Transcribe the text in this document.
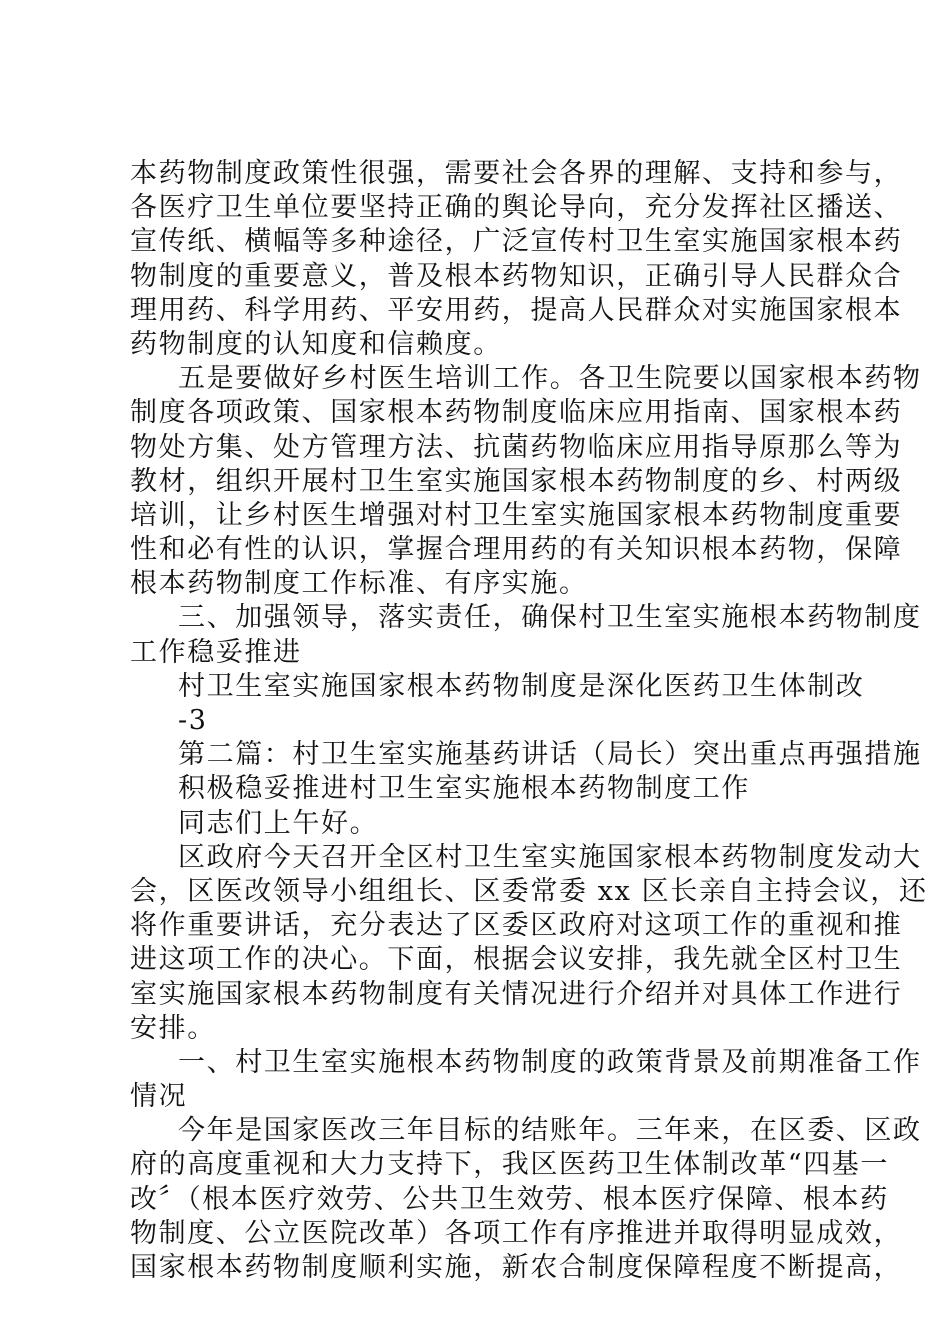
本药物制度政策性很强，需要社会各界的理解、支持和参与，
各医疗卫生单位要坚持正确的舆论导向，充分发挥社区播送、
宣传纸、横幅等多种途径，广泛宣传村卫生室实施国家根本药
物制度的重要意义，普及根本药物知识，正确引导人民群众合
理用药、科学用药、平安用药，提高人民群众对实施国家根本
药物制度的认知度和信赖度。
五是要做好乡村医生培训工作。各卫生院要以国家根本药物
制度各项政策、国家根本药物制度临床应用指南、国家根本药
物处方集、处方管理方法、抗菌药物临床应用指导原那么等为
教材，组织开展村卫生室实施国家根本药物制度的乡、村两级
培训，让乡村医生增强对村卫生室实施国家根本药物制度重要
性和必有性的认识，掌握合理用药的有关知识根本药物，保障
根本药物制度工作标准、有序实施。
三、加强领导，落实责任，确保村卫生室实施根本药物制度
工作稳妥推进
村卫生室实施国家根本药物制度是深化医药卫生体制改
-3
第二篇：村卫生室实施基药讲话（局长）突出重点再强措施
积极稳妥推进村卫生室实施根本药物制度工作
同志们上午好。
区政府今天召开全区村卫生室实施国家根本药物制度发动大
会，区医改领导小组组长、区委常委 xx 区长亲自主持会议，还
将作重要讲话，充分表达了区委区政府对这项工作的重视和推
进这项工作的决心。下面，根据会议安排，我先就全区村卫生
室实施国家根本药物制度有关情况进行介绍并对具体工作进行
安排。
一、村卫生室实施根本药物制度的政策背景及前期准备工作
情况
今年是国家医改三年目标的结账年。三年来，在区委、区政
府的高度重视和大力支持下，我区医药卫生体制改革“四基一
改〞（根本医疗效劳、公共卫生效劳、根本医疗保障、根本药
物制度、公立医院改革）各项工作有序推进并取得明显成效，
国家根本药物制度顺利实施，新农合制度保障程度不断提高，
